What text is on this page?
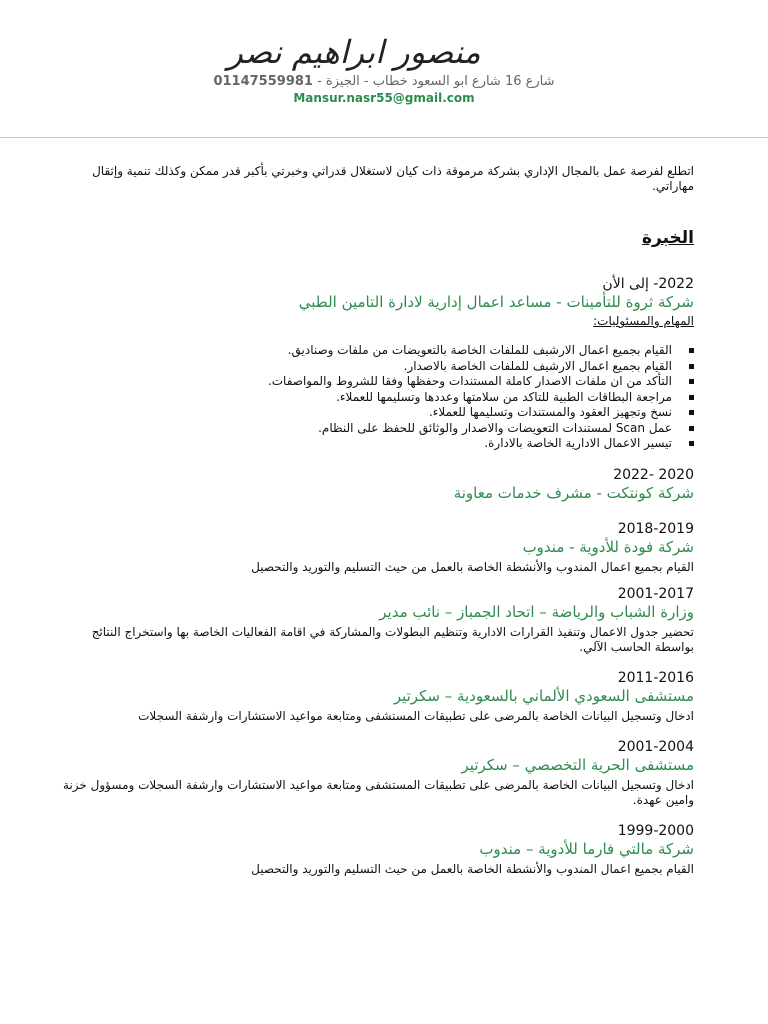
منصور ابراهيم نصر
شارع 16 شارع ابو السعود خطاب - الجيزة - 01147559981
Mansur.nasr55@gmail.com

اتطلع لفرصة عمل بالمجال الإداري بشركة مرموقة ذات كيان لاستغلال قدراتي وخبرتي بأكبر قدر ممكن وكذلك تنمية وإثقال مهاراتي.

الخبرة
2022- إلى الأن
شركة ثروة للتأمينات - مساعد اعمال إدارية لادارة التامين الطبي
المهام والمسئوليات:
القيام بجميع اعمال الارشيف للملفات الخاصة بالتعويضات من ملفات وصناديق.
القيام بجميع اعمال الارشيف للملفات الخاصة بالاصدار.
التأكد من ان ملفات الاصدار كاملة المستندات وحفظها وفقا للشروط والمواصفات.
مراجعة البطاقات الطبية للتاكد من سلامتها وعددها وتسليمها للعملاء.
نسخ وتجهيز العقود والمستندات وتسليمها للعملاء.
عمل Scan لمستندات التعويضات والاصدار والوثائق للحفظ على النظام.
تيسير الاعمال الادارية الخاصة بالادارة.
2020 -2022
شركة كونتكت - مشرف خدمات معاونة
2018-2019
شركة فودة للأدوية - مندوب
القيام بجميع اعمال المندوب والأنشطة الخاصة بالعمل من حيث التسليم والتوريد والتحصيل
2001-2017
وزارة الشباب والرياضة – اتحاد الجمباز – نائب مدير
تحضير جدول الاعمال وتنفيذ القرارات الادارية وتنظيم البطولات والمشاركة في اقامة الفعاليات الخاصة بها واستخراج النتائج بواسطة الحاسب الآلي.
2011-2016
مستشفى السعودي الألماني بالسعودية – سكرتير
ادخال وتسجيل البيانات الخاصة بالمرضى على تطبيقات المستشفى ومتابعة مواعيد الاستشارات وارشفة السجلات
2001-2004
مستشفى الحرية التخصصي – سكرتير
ادخال وتسجيل البيانات الخاصة بالمرضى على تطبيقات المستشفى ومتابعة مواعيد الاستشارات وارشفة السجلات ومسؤول خزنة وامين عهدة.
1999-2000
شركة مالتي فارما للأدوية – مندوب
القيام بجميع اعمال المندوب والأنشطة الخاصة بالعمل من حيث التسليم والتوريد والتحصيل
